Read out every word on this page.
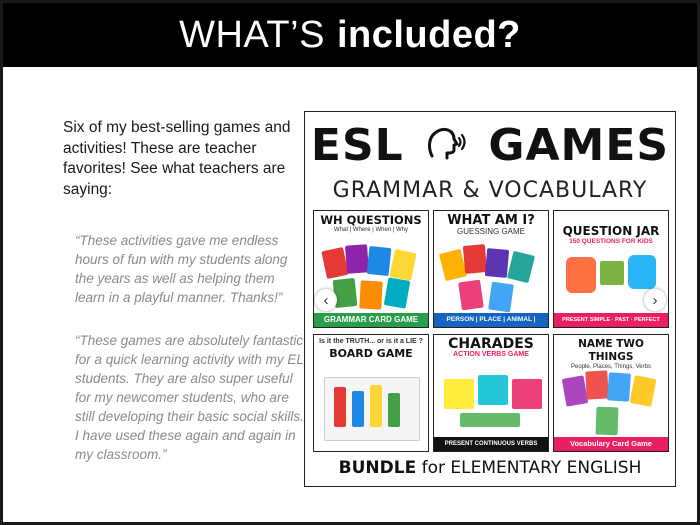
WHAT’S included?

Six of my best-selling games and activities! These are teacher favorites! See what teachers are saying:

“These activities gave me endless hours of fun with my students along the years as well as helping them learn in a playful manner. Thanks!”

“These games are absolutely fantastic for a quick learning activity with my EL students. They are also super useful for my newcomer students, who are still developing their basic social skills. I have used these again and again in my classroom.”

ESL GAMES
GRAMMAR & VOCABULARY
WH QUESTIONS
What | Where | When | Why
GRAMMAR CARD GAME
WHAT AM I?
GUESSING GAME
PERSON | PLACE | ANIMAL |
QUESTION JAR
150 QUESTIONS FOR KIDS
PRESENT SIMPLE · PAST · PERFECT
Is it the TRUTH... or is it a LIE ?
BOARD GAME
CHARADES
ACTION VERBS GAME
PRESENT CONTINUOUS VERBS
NAME TWO THINGS
People, Places, Things, Verbs
Vocabulary Card Game
BUNDLE for ELEMENTARY ENGLISH
‹	›
